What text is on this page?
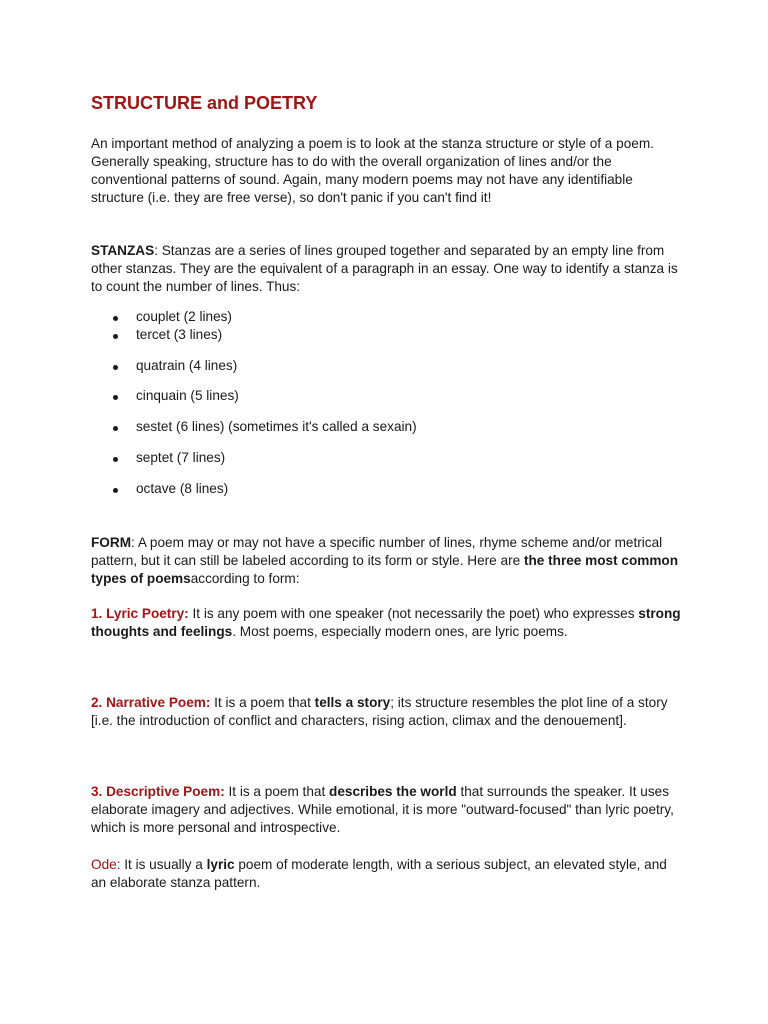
STRUCTURE and POETRY

An important method of analyzing a poem is to look at the stanza structure or style of a poem. Generally speaking, structure has to do with the overall organization of lines and/or the conventional patterns of sound. Again, many modern poems may not have any identifiable structure (i.e. they are free verse), so don't panic if you can't find it!

STANZAS: Stanzas are a series of lines grouped together and separated by an empty line from other stanzas. They are the equivalent of a paragraph in an essay. One way to identify a stanza is to count the number of lines. Thus:

couplet (2 lines)
tercet (3 lines)
quatrain (4 lines)
cinquain (5 lines)
sestet (6 lines) (sometimes it's called a sexain)
septet (7 lines)
octave (8 lines)

FORM: A poem may or may not have a specific number of lines, rhyme scheme and/or metrical pattern, but it can still be labeled according to its form or style. Here are the three most common types of poemsaccording to form:

1. Lyric Poetry: It is any poem with one speaker (not necessarily the poet) who expresses strong thoughts and feelings. Most poems, especially modern ones, are lyric poems.

2. Narrative Poem: It is a poem that tells a story; its structure resembles the plot line of a story [i.e. the introduction of conflict and characters, rising action, climax and the denouement].

3. Descriptive Poem: It is a poem that describes the world that surrounds the speaker. It uses elaborate imagery and adjectives. While emotional, it is more "outward-focused" than lyric poetry, which is more personal and introspective.

Ode: It is usually a lyric poem of moderate length, with a serious subject, an elevated style, and an elaborate stanza pattern.
